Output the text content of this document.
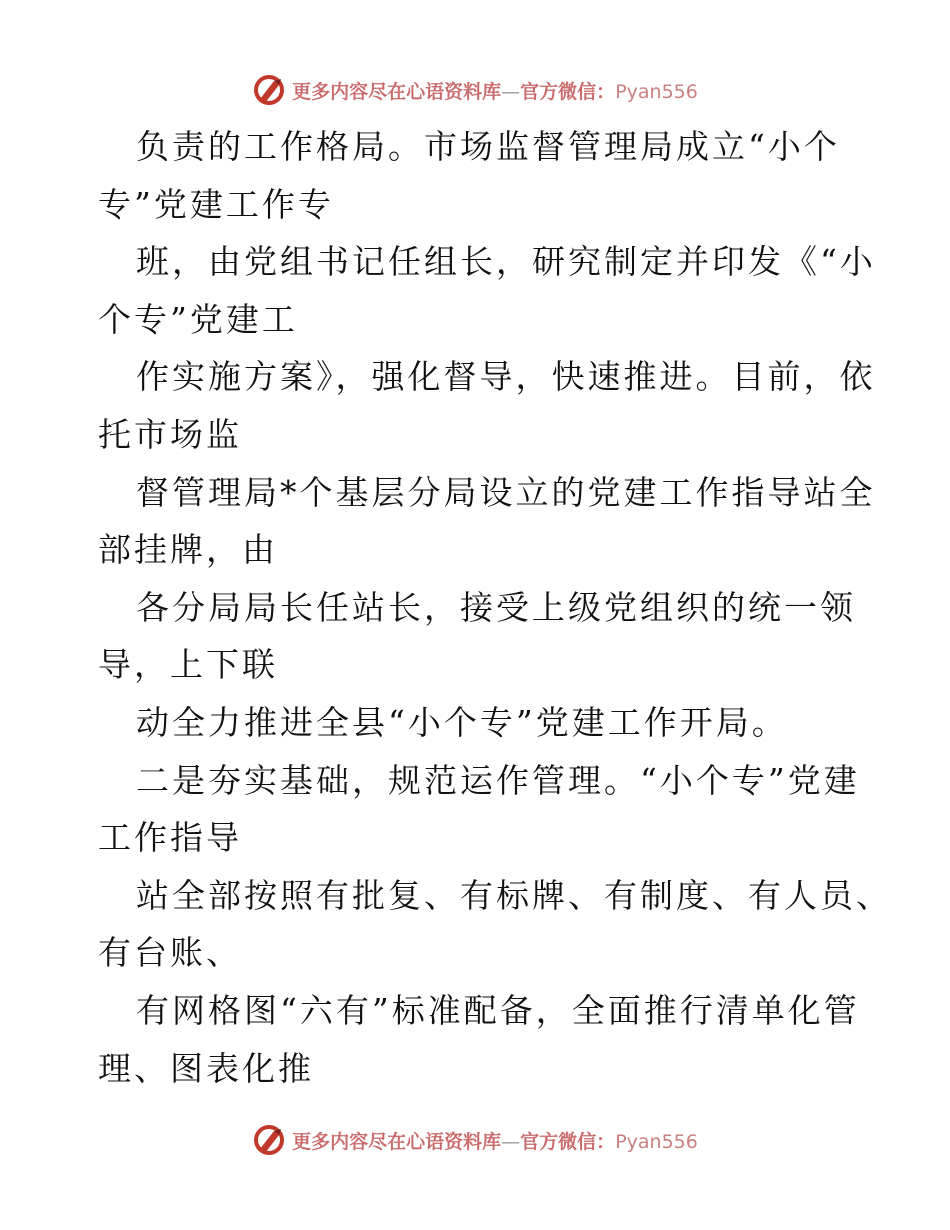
更多内容尽在心语资料库—官方微信：Pyan556
负责的工作格局。市场监督管理局成立“小个
专”党建工作专
班，由党组书记任组长，研究制定并印发《“小
个专”党建工
作实施方案》，强化督导，快速推进。目前，依
托市场监
督管理局*个基层分局设立的党建工作指导站全
部挂牌，由
各分局局长任站长，接受上级党组织的统一领
导，上下联
动全力推进全县“小个专”党建工作开局。
二是夯实基础，规范运作管理。“小个专”党建
工作指导
站全部按照有批复、有标牌、有制度、有人员、
有台账、
有网格图“六有”标准配备，全面推行清单化管
理、图表化推
更多内容尽在心语资料库—官方微信：Pyan556
